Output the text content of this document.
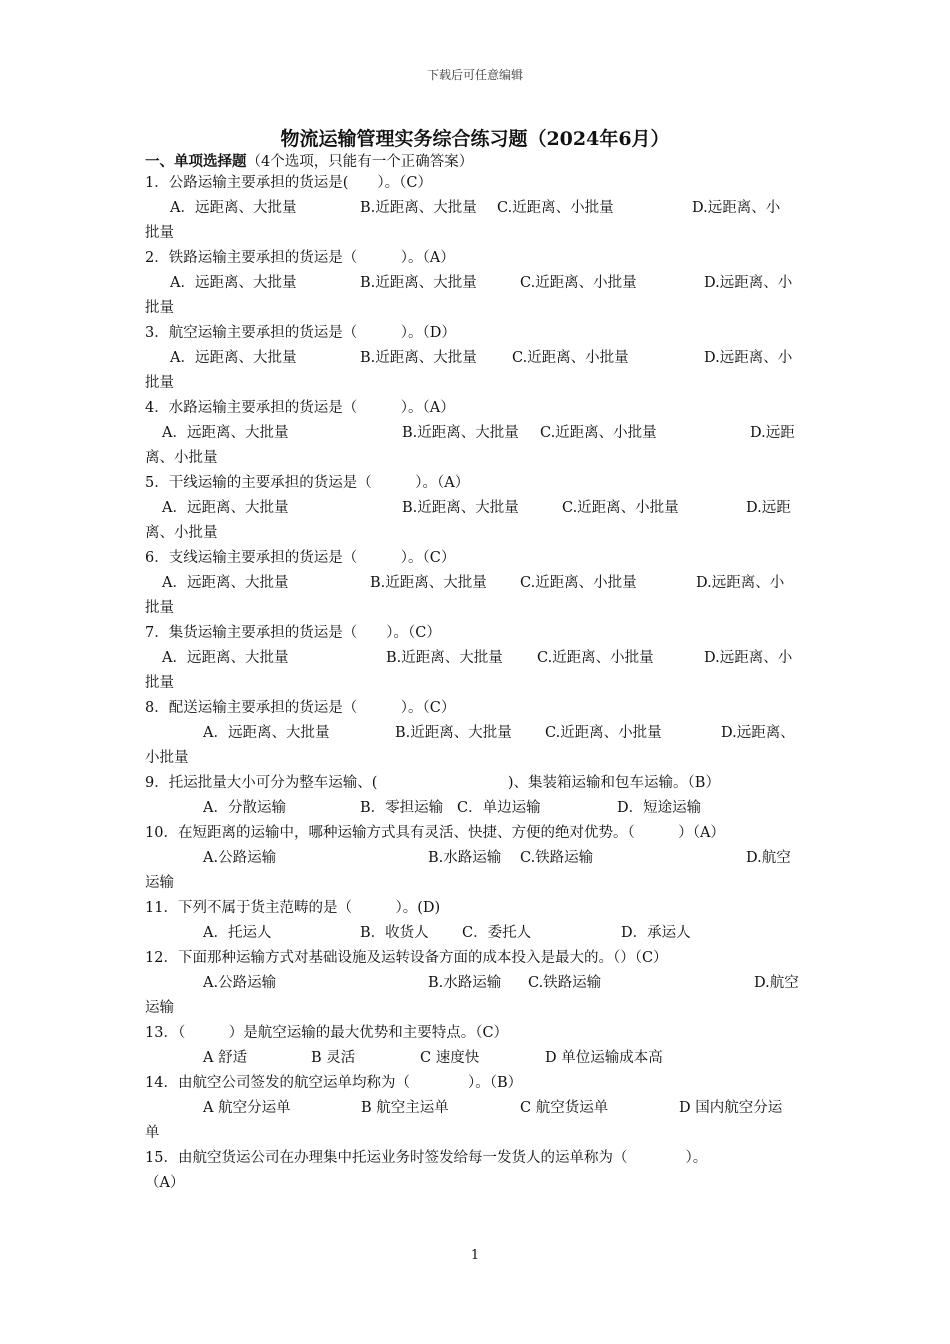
下载后可任意编辑
物流运输管理实务综合练习题（2024年6月）
一、单项选择题（4个选项，只能有一个正确答案）
1．公路运输主要承担的货运是(　　）。（C）
A．远距离、大批量	B.近距离、大批量 C.近距离、小批量	D.远距离、小
批量
2．铁路运输主要承担的货运是（　　　）。（A）
A．远距离、大批量	B.近距离、大批量	C.近距离、小批量	D.远距离、小
批量
3．航空运输主要承担的货运是（　　　）。（D）
A．远距离、大批量	B.近距离、大批量 C.近距离、小批量	D.远距离、小
批量
4．水路运输主要承担的货运是（　　　）。（A）
A．远距离、大批量	B.近距离、大批量 C.近距离、小批量	D.远距
离、小批量
5．干线运输的主要承担的货运是（　　　）。（A）
A．远距离、大批量	B.近距离、大批量	C.近距离、小批量	D.远距
离、小批量
6．支线运输主要承担的货运是（　　　）。（C）
A．远距离、大批量	B.近距离、大批量 C.近距离、小批量	D.远距离、小
批量
7．集货运输主要承担的货运是（　　）。（C）
A．远距离、大批量	B.近距离、大批量 C.近距离、小批量	D.远距离、小
批量
8．配送运输主要承担的货运是（　　　）。（C）
A．远距离、大批量	B.近距离、大批量 C.近距离、小批量	D.远距离、
小批量
9．托运批量大小可分为整车运输、(　　　　　　　　　)、集装箱运输和包车运输。（B）
A．分散运输	B．零担运输 C．单边运输	D．短途运输
10．在短距离的运输中，哪种运输方式具有灵活、快捷、方便的绝对优势。（　　　）（A）
A.公路运输	B.水路运输 C.铁路运输	D.航空
运输
11．下列不属于货主范畴的是（　　　）。(D)
A．托运人	B．收货人 C．委托人	D．承运人
12．下面那种运输方式对基础设施及运转设备方面的成本投入是最大的。（）（C）
A.公路运输	B.水路运输 C.铁路运输	D.航空
运输
13．（　　　）是航空运输的最大优势和主要特点。（C）
A 舒适	B 灵活	C 速度快	D 单位运输成本高
14．由航空公司签发的航空运单均称为（　　　　）。（B）
A 航空分运单	B 航空主运单	C 航空货运单	D 国内航空分运
单
15．由航空货运公司在办理集中托运业务时签发给每一发货人的运单称为（　　　　）。
（A）
1
